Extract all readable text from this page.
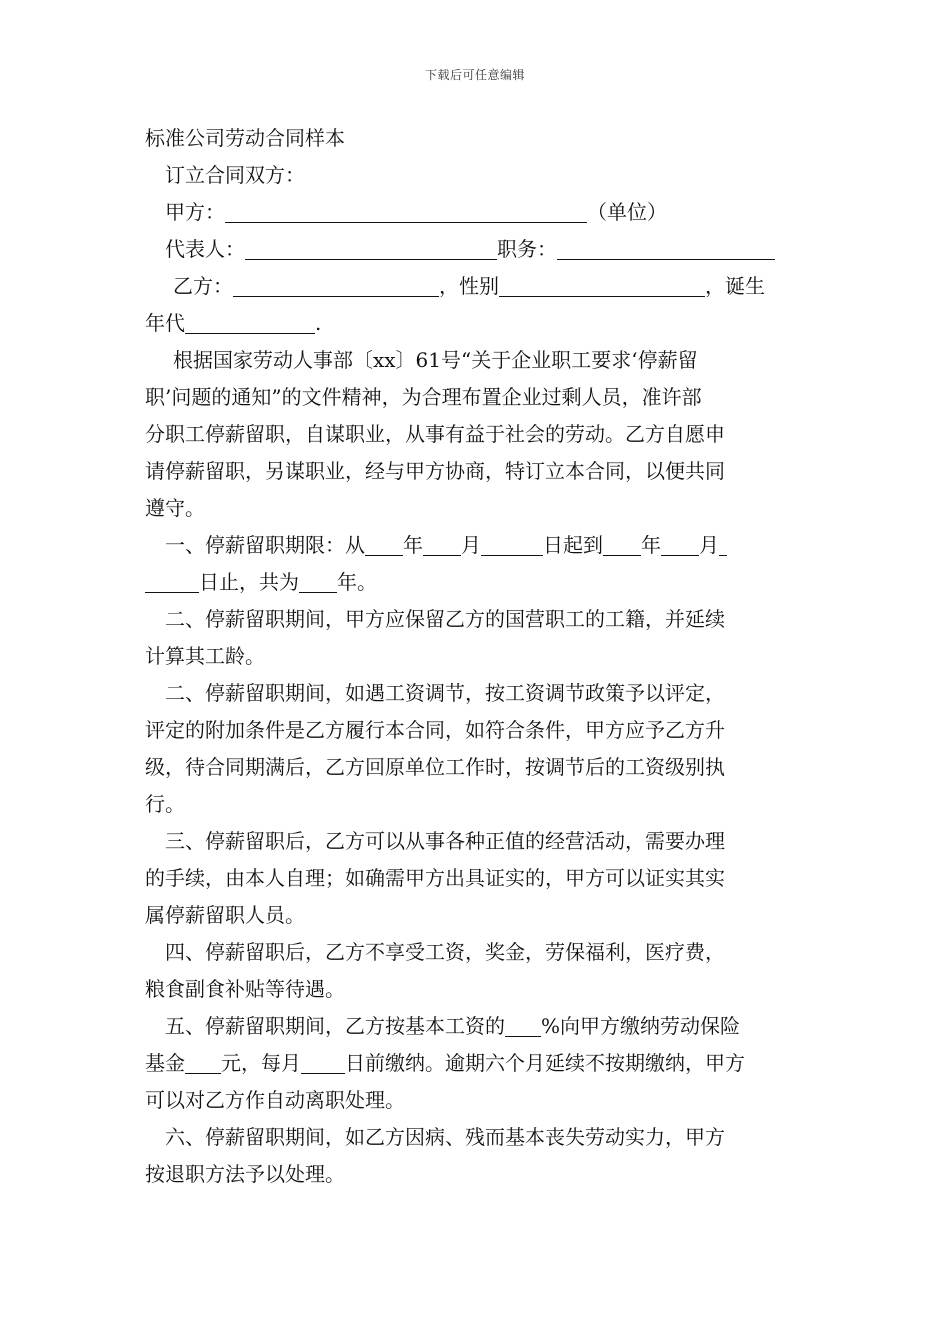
下载后可任意编辑
标准公司劳动合同样本
订立合同双方：
甲方：	（单位）
代表人：	职务：
乙方：	，性别	，诞生
年代	.
根据国家劳动人事部〔xx〕61号“关于企业职工要求‘停薪留
职’问题的通知”的文件精神，为合理布置企业过剩人员，准许部
分职工停薪留职，自谋职业，从事有益于社会的劳动。乙方自愿申
请停薪留职，另谋职业，经与甲方协商，特订立本合同，以便共同
遵守。
一、停薪留职期限：从 年 月	日起到 年 月
日止，共为 年。
二、停薪留职期间，甲方应保留乙方的国营职工的工籍，并延续
计算其工龄。
二、停薪留职期间，如遇工资调节，按工资调节政策予以评定，
评定的附加条件是乙方履行本合同，如符合条件，甲方应予乙方升
级，待合同期满后，乙方回原单位工作时，按调节后的工资级别执
行。
三、停薪留职后，乙方可以从事各种正值的经营活动，需要办理
的手续，由本人自理；如确需甲方出具证实的，甲方可以证实其实
属停薪留职人员。
四、停薪留职后，乙方不享受工资，奖金，劳保福利，医疗费，
粮食副食补贴等待遇。
五、停薪留职期间，乙方按基本工资的 %向甲方缴纳劳动保险
基金 元，每月 日前缴纳。逾期六个月延续不按期缴纳，甲方
可以对乙方作自动离职处理。
六、停薪留职期间，如乙方因病、残而基本丧失劳动实力，甲方
按退职方法予以处理。
